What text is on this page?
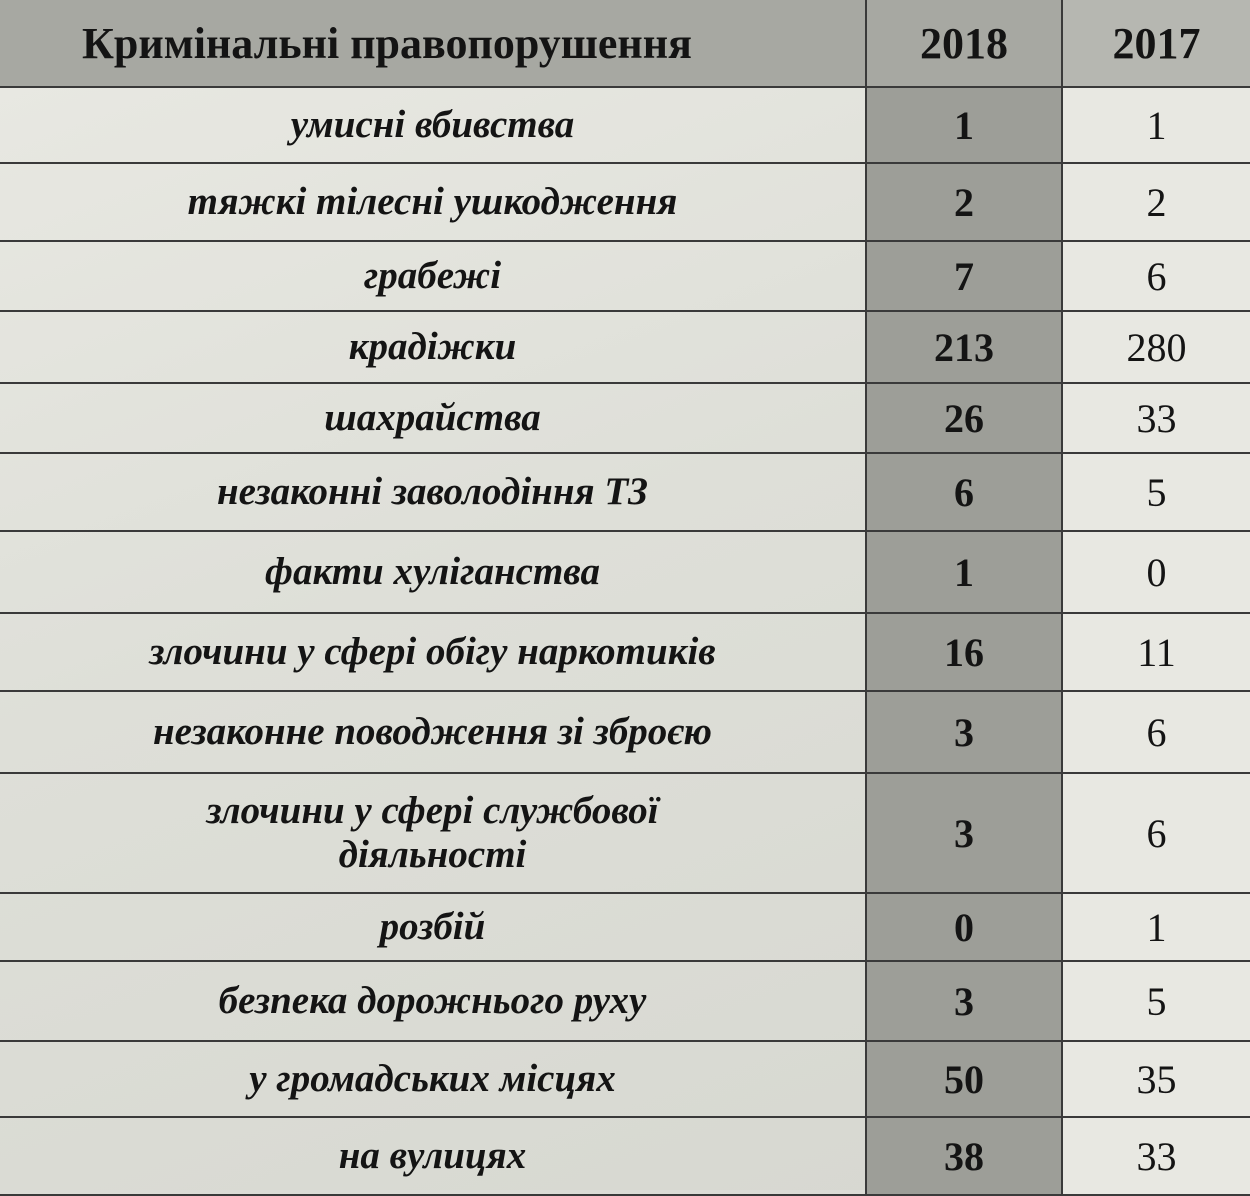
Кримінальні правопорушення	2018	2017
умисні вбивства	1	1
тяжкі тілесні ушкодження	2	2
грабежі	7	6
крадіжки	213	280
шахрайства	26	33
незаконні заволодіння ТЗ	6	5
факти хуліганства	1	0
злочини у сфері обігу наркотиків	16	11
незаконне поводження зі зброєю	3	6
злочини у сфері службової діяльності	3	6
розбій	0	1
безпека дорожнього руху	3	5
у громадських місцях	50	35
на вулицях	38	33
